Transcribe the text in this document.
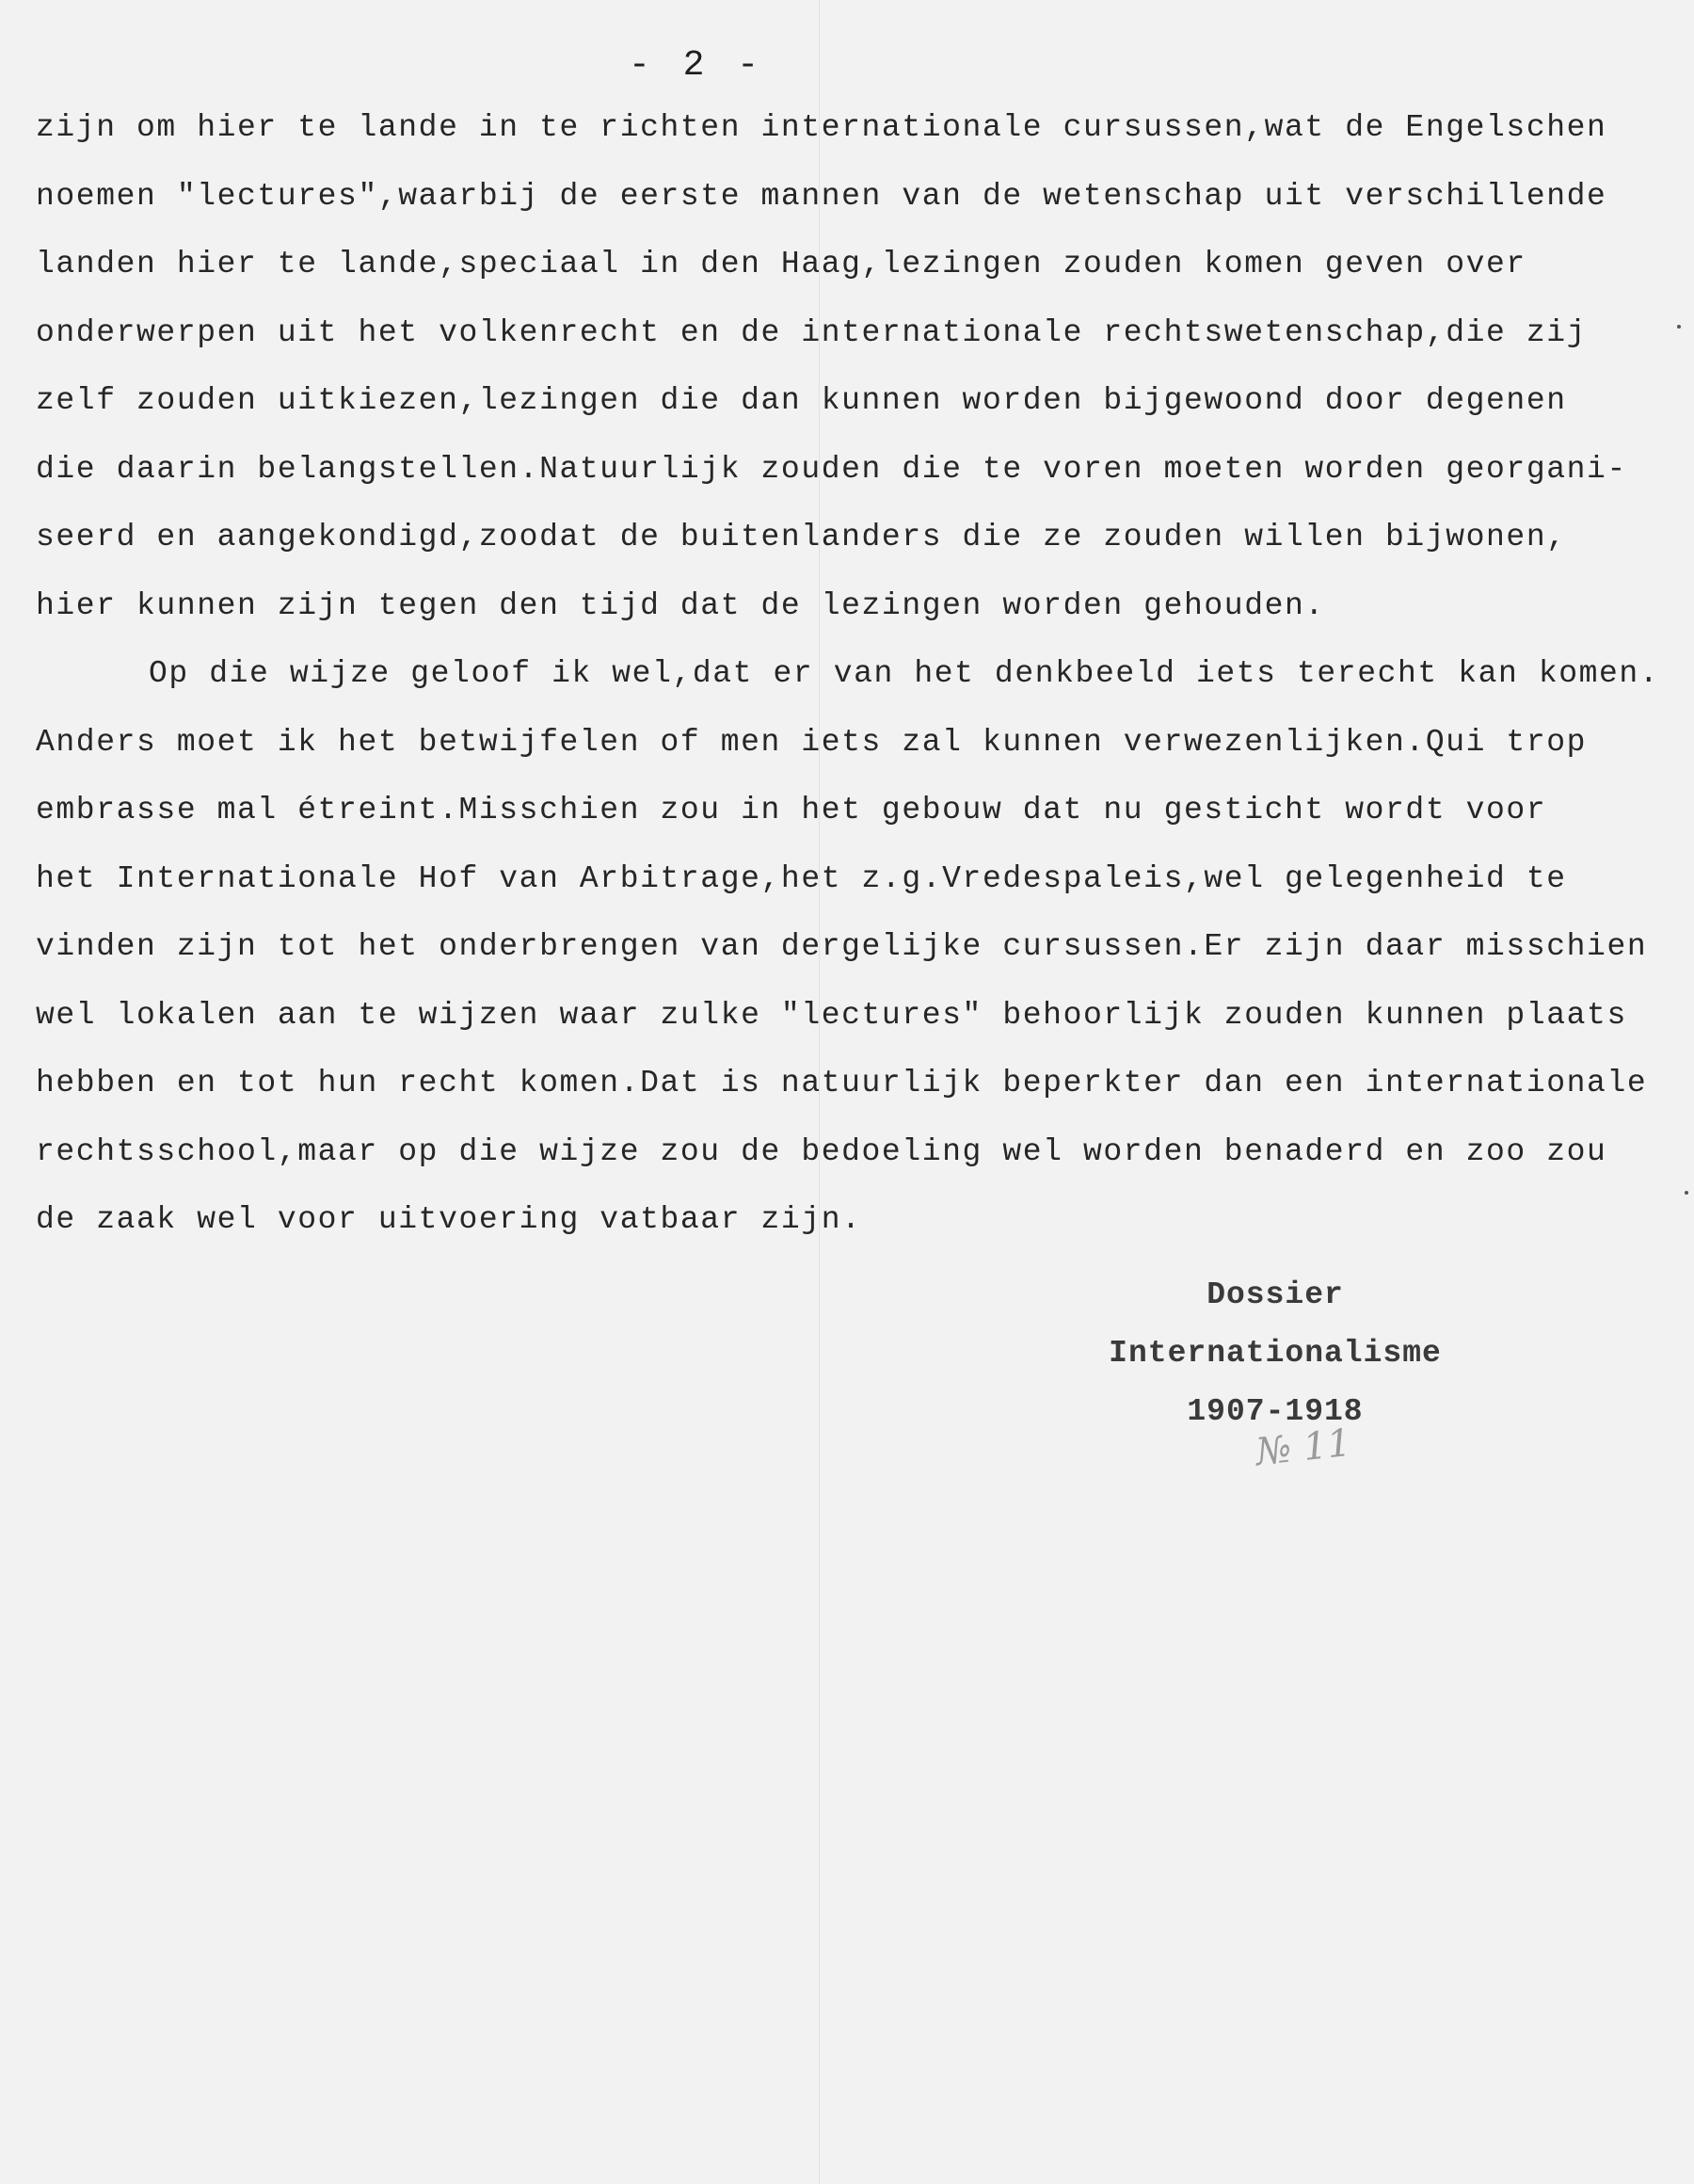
- 2 -
zijn om hier te lande in te richten internationale cursussen,wat de Engelschen
noemen "lectures",waarbij de eerste mannen van de wetenschap uit verschillende
landen hier te lande,speciaal in den Haag,lezingen zouden komen geven over
onderwerpen uit het volkenrecht en de internationale rechtswetenschap,die zij
zelf zouden uitkiezen,lezingen die dan kunnen worden bijgewoond door degenen
die daarin belangstellen.Natuurlijk zouden die te voren moeten worden georgani-
seerd en aangekondigd,zoodat de buitenlanders die ze zouden willen bijwonen,
hier kunnen zijn tegen den tijd dat de lezingen worden gehouden.
Op die wijze geloof ik wel,dat er van het denkbeeld iets terecht kan komen.
Anders moet ik het betwijfelen of men iets zal kunnen verwezenlijken.Qui trop
embrasse mal étreint.Misschien zou in het gebouw dat nu gesticht wordt voor
het Internationale Hof van Arbitrage,het z.g.Vredespaleis,wel gelegenheid te
vinden zijn tot het onderbrengen van dergelijke cursussen.Er zijn daar misschien
wel lokalen aan te wijzen waar zulke "lectures" behoorlijk zouden kunnen plaats
hebben en tot hun recht komen.Dat is natuurlijk beperkter dan een internationale
rechtsschool,maar op die wijze zou de bedoeling wel worden benaderd en zoo zou
de zaak wel voor uitvoering vatbaar zijn.
Dossier
Internationalisme
1907-1918
№ 11
